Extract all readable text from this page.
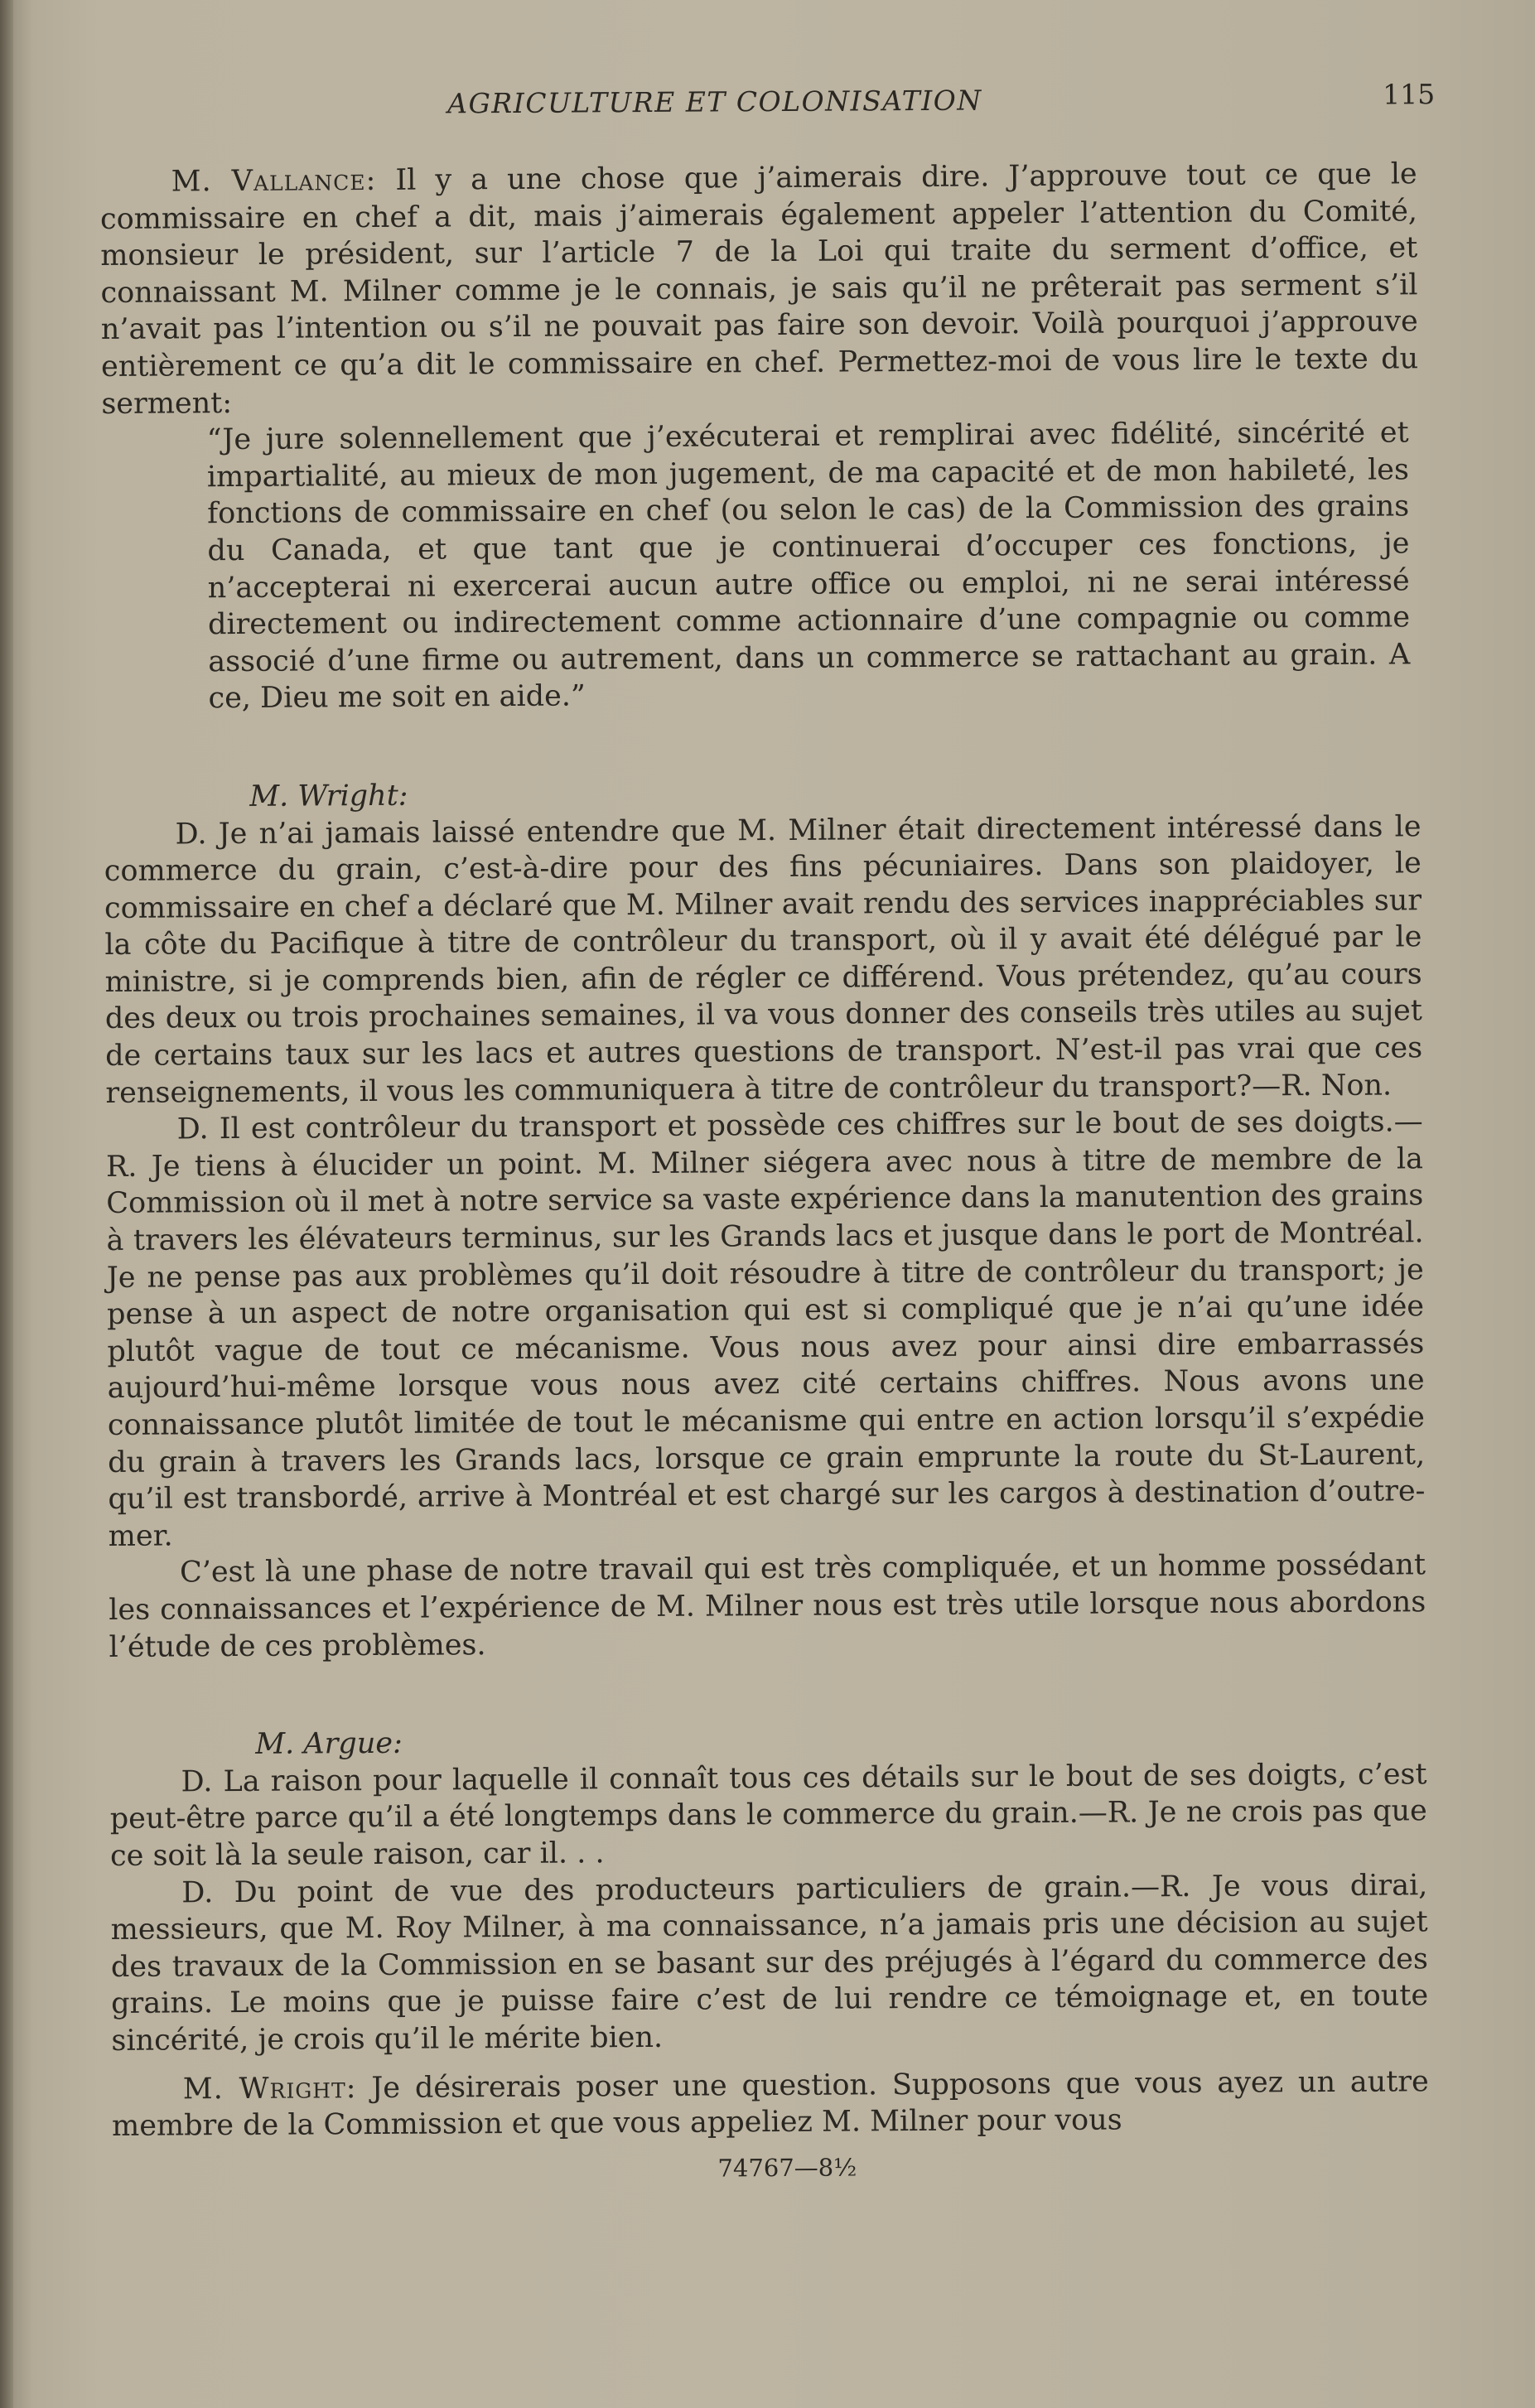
AGRICULTURE ET COLONISATION	115

M. Vallance: Il y a une chose que j’aimerais dire. J’approuve tout ce que le commissaire en chef a dit, mais j’aimerais également appeler l’attention du Comité, monsieur le président, sur l’article 7 de la Loi qui traite du serment d’office, et connaissant M. Milner comme je le connais, je sais qu’il ne prêterait pas serment s’il n’avait pas l’intention ou s’il ne pouvait pas faire son devoir. Voilà pourquoi j’approuve entièrement ce qu’a dit le commissaire en chef. Permettez-moi de vous lire le texte du serment:

“Je jure solennellement que j’exécuterai et remplirai avec fidélité, sincérité et impartialité, au mieux de mon jugement, de ma capacité et de mon habileté, les fonctions de commissaire en chef (ou selon le cas) de la Commission des grains du Canada, et que tant que je continuerai d’occuper ces fonctions, je n’accepterai ni exercerai aucun autre office ou emploi, ni ne serai intéressé directement ou indirectement comme actionnaire d’une compagnie ou comme associé d’une firme ou autrement, dans un commerce se rattachant au grain. A ce, Dieu me soit en aide.”

M. Wright:

D. Je n’ai jamais laissé entendre que M. Milner était directement intéressé dans le commerce du grain, c’est-à-dire pour des fins pécuniaires. Dans son plaidoyer, le commissaire en chef a déclaré que M. Milner avait rendu des services inappréciables sur la côte du Pacifique à titre de contrôleur du transport, où il y avait été délégué par le ministre, si je comprends bien, afin de régler ce différend. Vous prétendez, qu’au cours des deux ou trois prochaines semaines, il va vous donner des conseils très utiles au sujet de certains taux sur les lacs et autres questions de transport. N’est-il pas vrai que ces renseignements, il vous les communiquera à titre de contrôleur du transport?—R. Non.

D. Il est contrôleur du transport et possède ces chiffres sur le bout de ses doigts.—R. Je tiens à élucider un point. M. Milner siégera avec nous à titre de membre de la Commission où il met à notre service sa vaste expérience dans la manutention des grains à travers les élévateurs terminus, sur les Grands lacs et jusque dans le port de Montréal. Je ne pense pas aux problèmes qu’il doit résoudre à titre de contrôleur du transport; je pense à un aspect de notre organisation qui est si compliqué que je n’ai qu’une idée plutôt vague de tout ce mécanisme. Vous nous avez pour ainsi dire embarrassés aujourd’hui-même lorsque vous nous avez cité certains chiffres. Nous avons une connaissance plutôt limitée de tout le mécanisme qui entre en action lorsqu’il s’expédie du grain à travers les Grands lacs, lorsque ce grain emprunte la route du St-Laurent, qu’il est transbordé, arrive à Montréal et est chargé sur les cargos à destination d’outre-mer.

C’est là une phase de notre travail qui est très compliquée, et un homme possédant les connaissances et l’expérience de M. Milner nous est très utile lorsque nous abordons l’étude de ces problèmes.

M. Argue:

D. La raison pour laquelle il connaît tous ces détails sur le bout de ses doigts, c’est peut-être parce qu’il a été longtemps dans le commerce du grain.—R. Je ne crois pas que ce soit là la seule raison, car il. . .

D. Du point de vue des producteurs particuliers de grain.—R. Je vous dirai, messieurs, que M. Roy Milner, à ma connaissance, n’a jamais pris une décision au sujet des travaux de la Commission en se basant sur des préjugés à l’égard du commerce des grains. Le moins que je puisse faire c’est de lui rendre ce témoignage et, en toute sincérité, je crois qu’il le mérite bien.

M. Wright: Je désirerais poser une question. Supposons que vous ayez un autre membre de la Commission et que vous appeliez M. Milner pour vous

74767—8½
